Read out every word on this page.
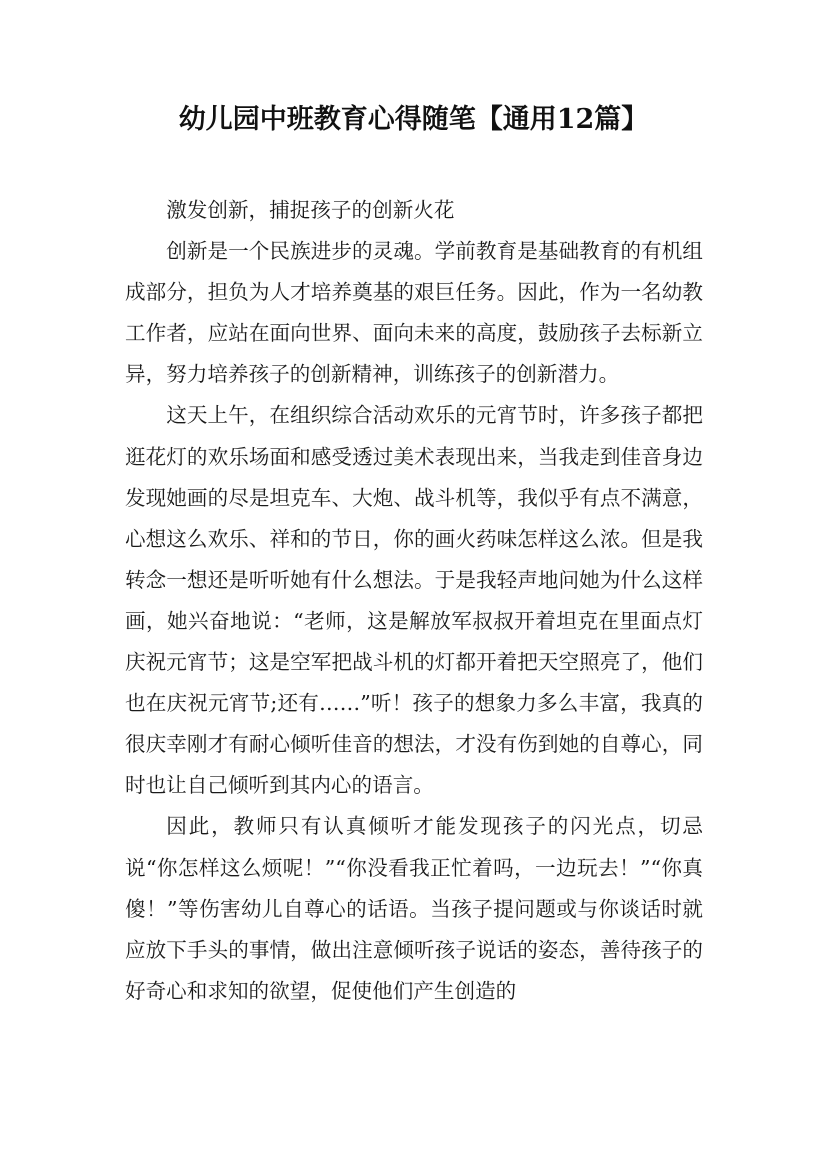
幼儿园中班教育心得随笔【通用12篇】

激发创新，捕捉孩子的创新火花

创新是一个民族进步的灵魂。学前教育是基础教育的有机组成部分，担负为人才培养奠基的艰巨任务。因此，作为一名幼教工作者，应站在面向世界、面向未来的高度，鼓励孩子去标新立异，努力培养孩子的创新精神，训练孩子的创新潜力。

这天上午，在组织综合活动欢乐的元宵节时，许多孩子都把逛花灯的欢乐场面和感受透过美术表现出来，当我走到佳音身边发现她画的尽是坦克车、大炮、战斗机等，我似乎有点不满意，心想这么欢乐、祥和的节日，你的画火药味怎样这么浓。但是我转念一想还是听听她有什么想法。于是我轻声地问她为什么这样画，她兴奋地说：“老师，这是解放军叔叔开着坦克在里面点灯庆祝元宵节；这是空军把战斗机的灯都开着把天空照亮了，他们也在庆祝元宵节;还有……”听！孩子的想象力多么丰富，我真的很庆幸刚才有耐心倾听佳音的想法，才没有伤到她的自尊心，同时也让自己倾听到其内心的语言。

因此，教师只有认真倾听才能发现孩子的闪光点，切忌说“你怎样这么烦呢！”“你没看我正忙着吗，一边玩去！”“你真傻！”等伤害幼儿自尊心的话语。当孩子提问题或与你谈话时就应放下手头的事情，做出注意倾听孩子说话的姿态，善待孩子的好奇心和求知的欲望，促使他们产生创造的
